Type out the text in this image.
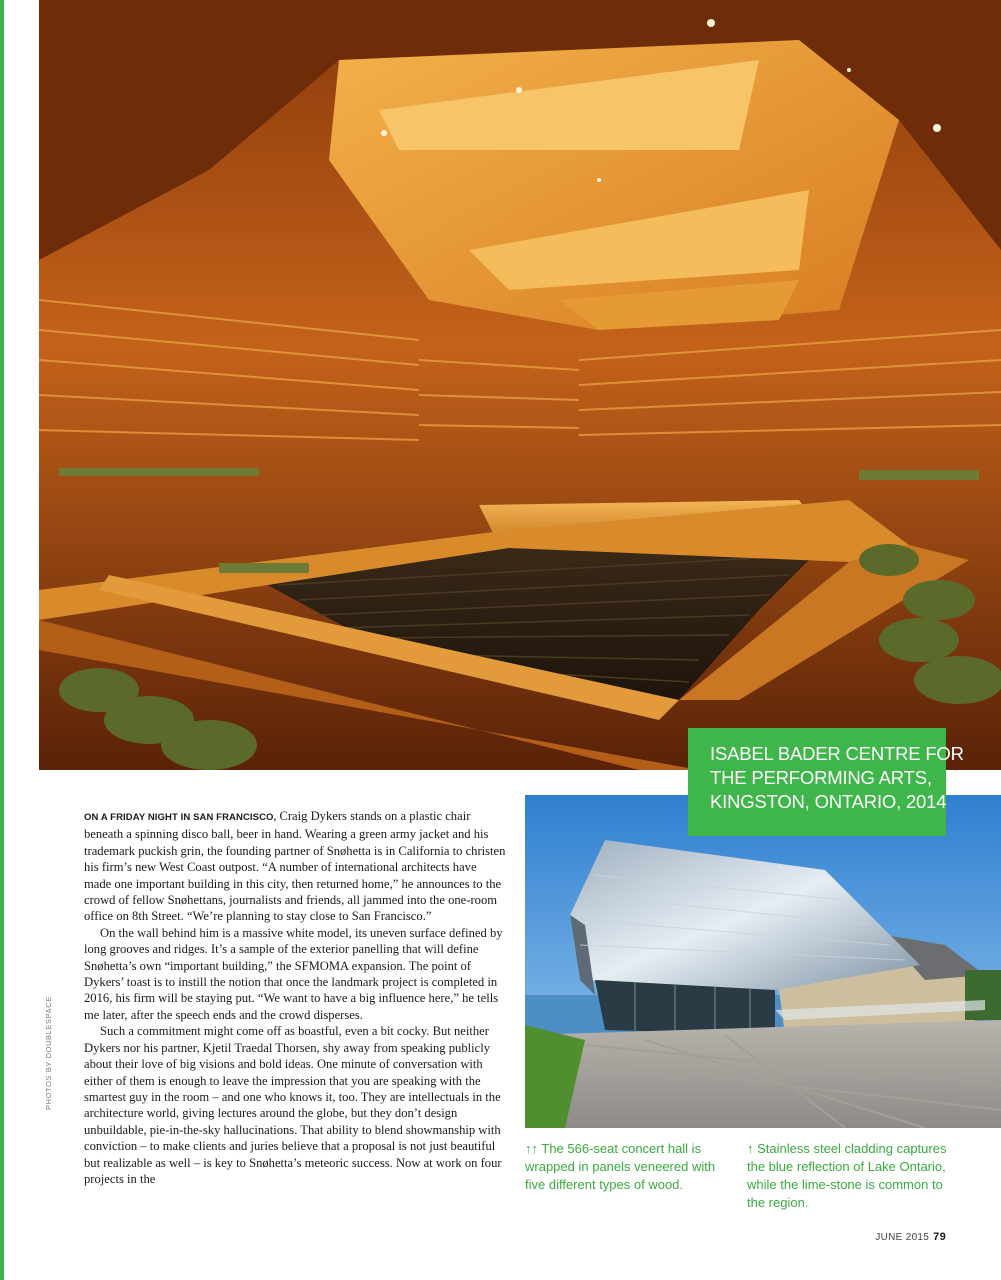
PHOTOS BY DOUBLESPACE

ON A FRIDAY NIGHT IN SAN FRANCISCO, Craig Dykers stands on a plastic chair beneath a spinning disco ball, beer in hand. Wearing a green army jacket and his trademark puckish grin, the founding partner of Snøhetta is in California to christen his firm’s new West Coast outpost. “A number of international architects have made one important building in this city, then returned home,” he announces to the crowd of fellow Snøhettans, journalists and friends, all jammed into the one-room office on 8th Street. “We’re planning to stay close to San Francisco.”

On the wall behind him is a massive white model, its uneven surface defined by long grooves and ridges. It’s a sample of the exterior panelling that will define Snøhetta’s own “important building,” the SFMOMA expansion. The point of Dykers’ toast is to instill the notion that once the landmark project is completed in 2016, his firm will be staying put. “We want to have a big influence here,” he tells me later, after the speech ends and the crowd disperses.

Such a commitment might come off as boastful, even a bit cocky. But neither Dykers nor his partner, Kjetil Traedal Thorsen, shy away from speaking publicly about their love of big visions and bold ideas. One minute of conversation with either of them is enough to leave the impression that you are speaking with the smartest guy in the room – and one who knows it, too. They are intellectuals in the architecture world, giving lectures around the globe, but they don’t design unbuildable, pie-in-the-sky hallucinations. That ability to blend showmanship with conviction – to make clients and juries believe that a proposal is not just beautiful but realizable as well – is key to Snøhetta’s meteoric success. Now at work on four projects in the

ISABEL BADER CENTRE FOR
THE PERFORMING ARTS,
KINGSTON, ONTARIO, 2014
↑↑ The 566-seat concert hall is wrapped in panels veneered with five different types of wood.
↑ Stainless steel cladding captures the blue reflection of Lake Ontario, while the lime-stone is common to the region.
JUNE 2015 79
